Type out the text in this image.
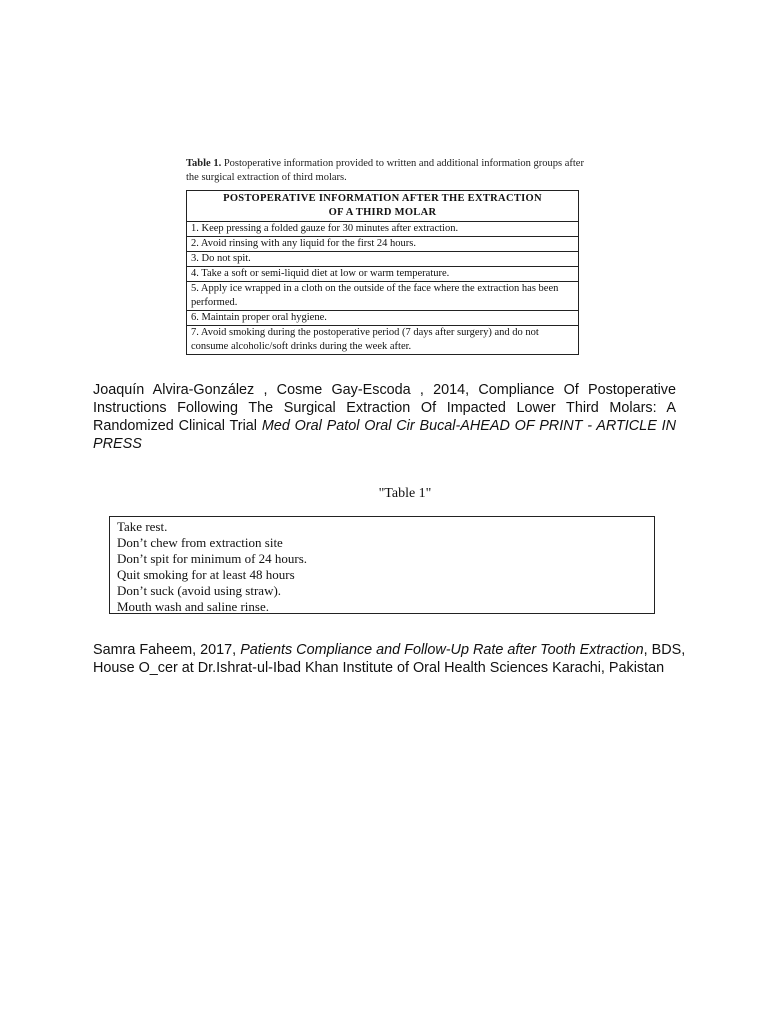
Table 1. Postoperative information provided to written and additional information groups after the surgical extraction of third molars.
POSTOPERATIVE INFORMATION AFTER THE EXTRACTION
OF A THIRD MOLAR
1. Keep pressing a folded gauze for 30 minutes after extraction.
2. Avoid rinsing with any liquid for the first 24 hours.
3. Do not spit.
4. Take a soft or semi-liquid diet at low or warm temperature.
5. Apply ice wrapped in a cloth on the outside of the face where the extraction has been performed.
6. Maintain proper oral hygiene.
7. Avoid smoking during the postoperative period (7 days after surgery) and do not consume alcoholic/soft drinks during the week after.
Joaquín Alvira-González , Cosme Gay-Escoda , 2014, Compliance Of Postoperative Instructions Following The Surgical Extraction Of Impacted Lower Third Molars: A Randomized Clinical Trial Med Oral Patol Oral Cir Bucal-AHEAD OF PRINT - ARTICLE IN PRESS
"Table 1"
Take rest.
Don’t chew from extraction site
Don’t spit for minimum of 24 hours.
Quit smoking for at least 48 hours
Don’t suck (avoid using straw).
Mouth wash and saline rinse.
Samra Faheem, 2017, Patients Compliance and Follow-Up Rate after Tooth Extraction, BDS, House O_cer at Dr.Ishrat-ul-Ibad Khan Institute of Oral Health Sciences Karachi, Pakistan
